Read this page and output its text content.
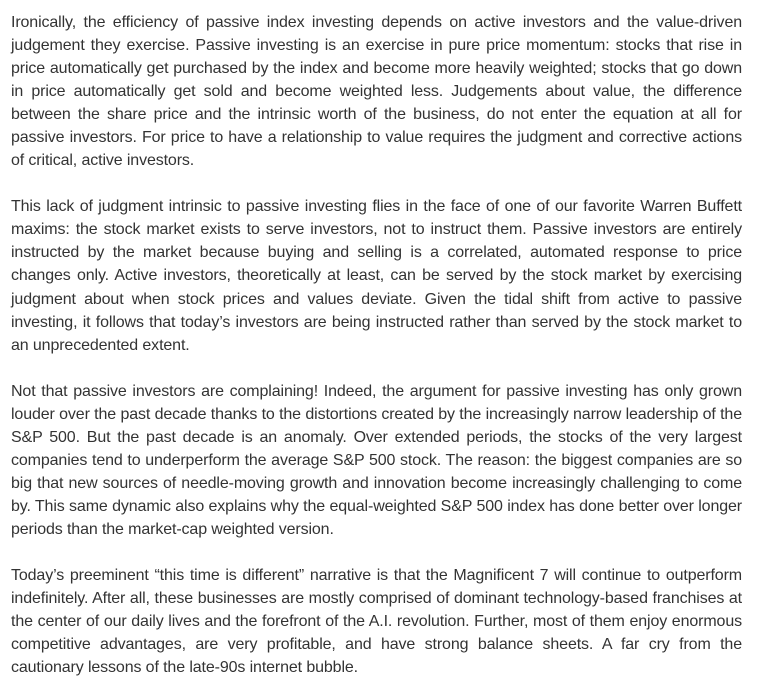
Ironically, the efficiency of passive index investing depends on active investors and the value-driven judgement they exercise. Passive investing is an exercise in pure price momentum: stocks that rise in price automatically get purchased by the index and become more heavily weighted; stocks that go down in price automatically get sold and become weighted less. Judgements about value, the difference between the share price and the intrinsic worth of the business, do not enter the equation at all for passive investors. For price to have a relationship to value requires the judgment and corrective actions of critical, active investors.

This lack of judgment intrinsic to passive investing flies in the face of one of our favorite Warren Buffett maxims: the stock market exists to serve investors, not to instruct them. Passive investors are entirely instructed by the market because buying and selling is a correlated, automated response to price changes only. Active investors, theoretically at least, can be served by the stock market by exercising judgment about when stock prices and values deviate. Given the tidal shift from active to passive investing, it follows that today’s investors are being instructed rather than served by the stock market to an unprecedented extent.

Not that passive investors are complaining! Indeed, the argument for passive investing has only grown louder over the past decade thanks to the distortions created by the increasingly narrow leadership of the S&P 500. But the past decade is an anomaly. Over extended periods, the stocks of the very largest companies tend to underperform the average S&P 500 stock. The reason: the biggest companies are so big that new sources of needle-moving growth and innovation become increasingly challenging to come by. This same dynamic also explains why the equal-weighted S&P 500 index has done better over longer periods than the market-cap weighted version.

Today’s preeminent “this time is different” narrative is that the Magnificent 7 will continue to outperform indefinitely. After all, these businesses are mostly comprised of dominant technology-based franchises at the center of our daily lives and the forefront of the A.I. revolution. Further, most of them enjoy enormous competitive advantages, are very profitable, and have strong balance sheets. A far cry from the cautionary lessons of the late-90s internet bubble.
